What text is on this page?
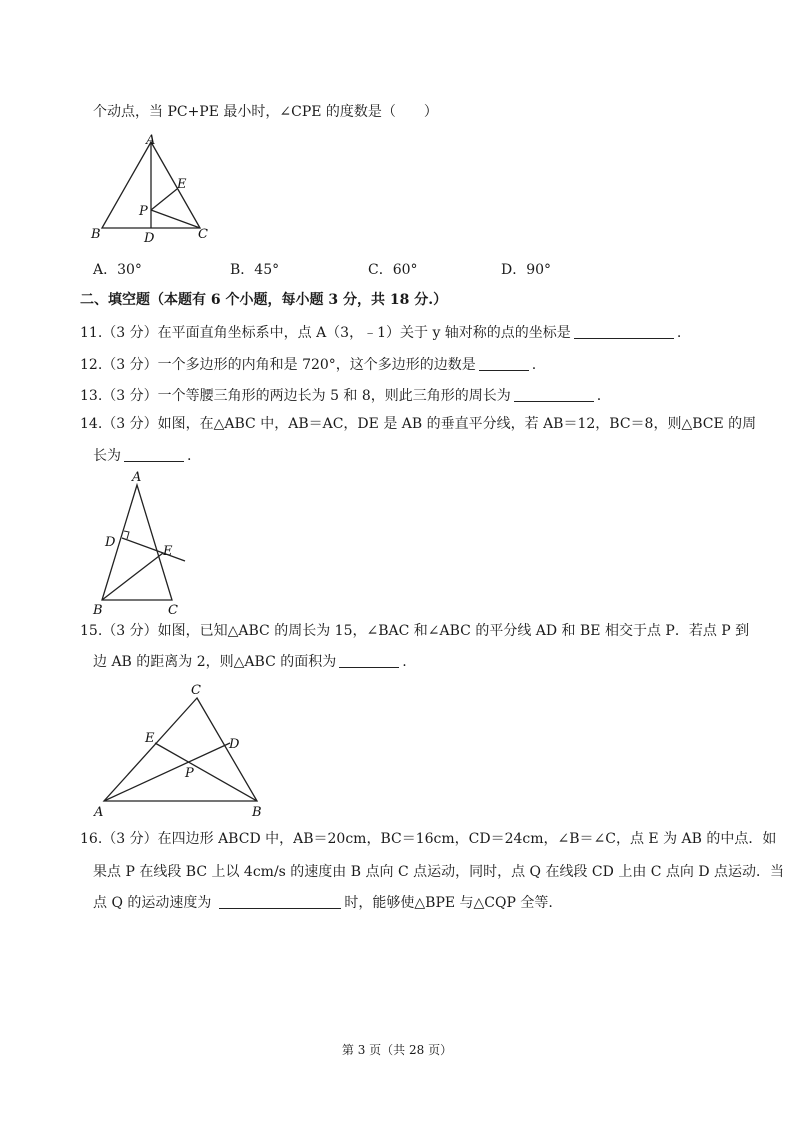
个动点，当 PC+PE 最小时，∠CPE 的度数是（　　）
A
B	C
D
E
P
A．30°	B．45°	C．60°	D．90°
二、填空题（本题有 6 个小题，每小题 3 分，共 18 分.）
11.（3 分）在平面直角坐标系中，点 A（3，﹣1）关于 y 轴对称的点的坐标是	.
12.（3 分）一个多边形的内角和是 720°，这个多边形的边数是	.
13.（3 分）一个等腰三角形的两边长为 5 和 8，则此三角形的周长为	.
14.（3 分）如图，在△ABC 中，AB＝AC，DE 是 AB 的垂直平分线，若 AB＝12，BC＝8，则△BCE 的周
长为	.
A
B	C
D
E
15.（3 分）如图，已知△ABC 的周长为 15，∠BAC 和∠ABC 的平分线 AD 和 BE 相交于点 P．若点 P 到
边 AB 的距离为 2，则△ABC 的面积为	.
C
A	B
E	D
P
16.（3 分）在四边形 ABCD 中，AB＝20cm，BC＝16cm，CD＝24cm，∠B＝∠C，点 E 为 AB 的中点．如
果点 P 在线段 BC 上以 4cm/s 的速度由 B 点向 C 点运动，同时，点 Q 在线段 CD 上由 C 点向 D 点运动．当
点 Q 的运动速度为	时，能够使△BPE 与△CQP 全等.
第 3 页（共 28 页）
